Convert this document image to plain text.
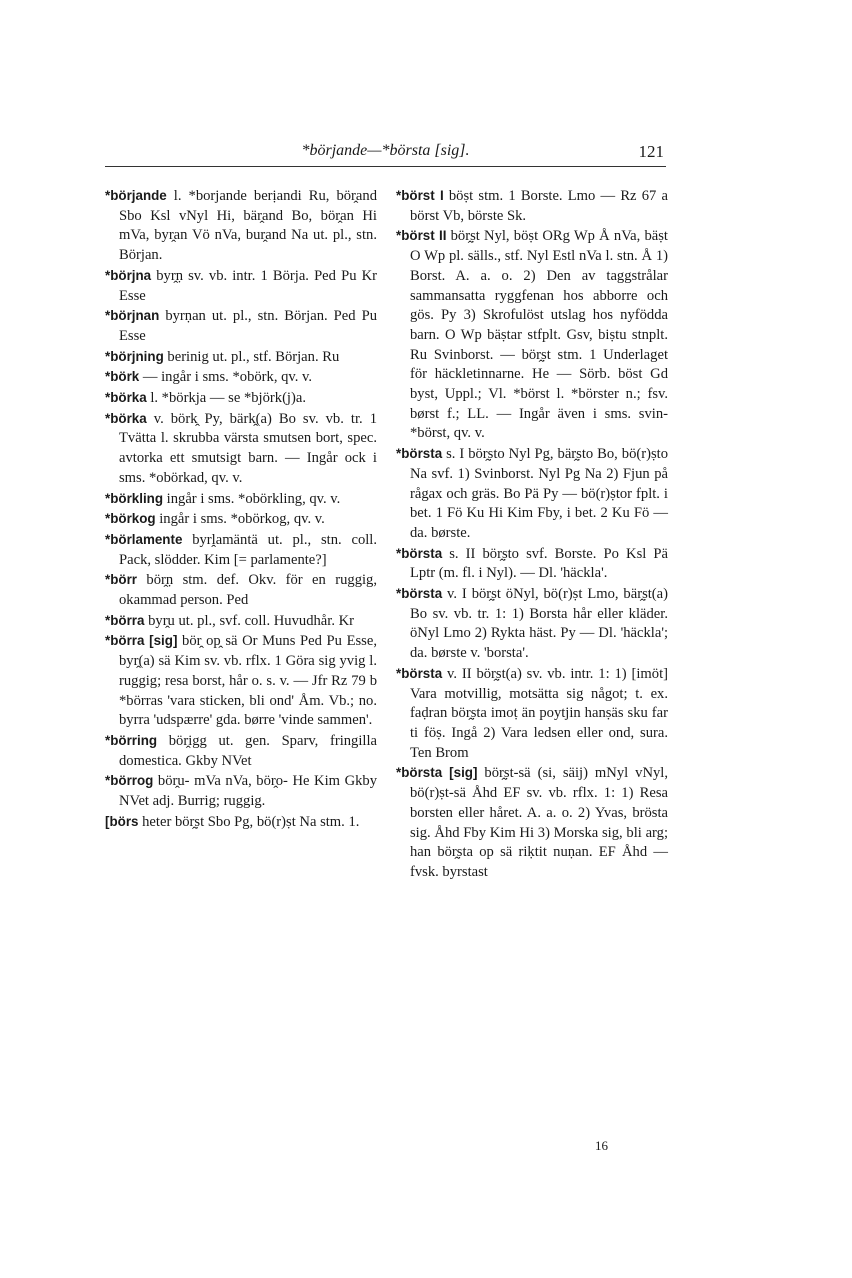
*börjande—*börsta [sig].	121

*börjande l. *borjande berịandi Ru, bör̭and Sbo Ksl vNyl Hi, bär̭and Bo, bör̭an Hi mVa, byr̭an Vö nVa, bur̭and Na ut. pl., stn. Början.

*börjna byr̭ṇ sv. vb. intr. 1 Börja. Ped Pu Kr Esse

*börjnan byrṇan ut. pl., stn. Början. Ped Pu Esse

*börjning berinig ut. pl., stf. Början. Ru

*börk — ingår i sms. *obörk, qv. v.

*börka l. *börkja — se *björk(j)a.

*börka v. börk̭ Py, bärk̭(a) Bo sv. vb. tr. 1 Tvätta l. skrubba värsta smutsen bort, spec. avtorka ett smutsigt barn. — Ingår ock i sms. *obörkad, qv. v.

*börkling ingår i sms. *obörkling, qv. v.

*börkog ingår i sms. *obörkog, qv. v.

*börlamente byrḽamäntä ut. pl., stn. coll. Pack, slödder. Kim [= parlamente?]

*börr bör̭ṇ stm. def. Okv. för en ruggig, okammad person. Ped

*börra byr̭u ut. pl., svf. coll. Huvudhår. Kr

*börra [sig] bör̭ op̭ sä Or Muns Ped Pu Esse, byr̭(a) sä Kim sv. vb. rflx. 1 Göra sig yvig l. ruggig; resa borst, hår o. s. v. — Jfr Rz 79 b *börras 'vara sticken, bli ond' Åm. Vb.; no. byrra 'udspærre' gda. børre 'vinde sammen'.

*börring bör̭igg ut. gen. Sparv, fringilla domestica. Gkby NVet

*börrog bör̭u- mVa nVa, bör̭o- He Kim Gkby NVet adj. Burrig; ruggig.

[börs heter bör̭ṣt Sbo Pg, bö(r)ṣt Na stm. 1.

*börst I böṣt stm. 1 Borste. Lmo — Rz 67 a börst Vb, börste Sk.

*börst II bör̭ṣt Nyl, böṣt ORg Wp Å nVa, bäṣt O Wp pl. sälls., stf. Nyl Estl nVa l. stn. Å 1) Borst. A. a. o. 2) Den av taggstrålar sammansatta ryggfenan hos abborre och gös. Py 3) Skrofulöst utslag hos nyfödda barn. O Wp bäṣtar stfplt. Gsv, biṣtu stnplt. Ru Svinborst. — bör̭ṣt stm. 1 Underlaget för häckletinnarne. He — Sörb. böst Gd byst, Uppl.; Vl. *börst l. *börster n.; fsv. børst f.; LL. — Ingår även i sms. svin-*börst, qv. v.

*börsta s. I bör̭ṣto Nyl Pg, bär̭ṣto Bo, bö(r)ṣto Na svf. 1) Svinborst. Nyl Pg Na 2) Fjun på rågax och gräs. Bo Pä Py — bö(r)ṣtor fplt. i bet. 1 Fö Ku Hi Kim Fby, i bet. 2 Ku Fö — da. børste.

*börsta s. II bör̭ṣto svf. Borste. Po Ksl Pä Lptr (m. fl. i Nyl). — Dl. 'häckla'.

*börsta v. I bör̭ṣt öNyl, bö(r)ṣt Lmo, bär̭ṣt(a) Bo sv. vb. tr. 1: 1) Borsta hår eller kläder. öNyl Lmo 2) Rykta häst. Py — Dl. 'häckla'; da. børste v. 'borsta'.

*börsta v. II bör̭ṣt(a) sv. vb. intr. 1: 1) [imöt] Vara motvillig, motsätta sig något; t. ex. faḍran bör̭ṣta imoṭ än poytjin hanṣäs sku far ti föṣ. Ingå 2) Vara ledsen eller ond, sura. Ten Brom

*börsta [sig] bör̭ṣt-sä (si, säij) mNyl vNyl, bö(r)ṣt-sä Åhd EF sv. vb. rflx. 1: 1) Resa borsten eller håret. A. a. o. 2) Yvas, brösta sig. Åhd Fby Kim Hi 3) Morska sig, bli arg; han bör̭ṣta op sä riḳtit nuṇan. EF Åhd — fvsk. byrstast

16
